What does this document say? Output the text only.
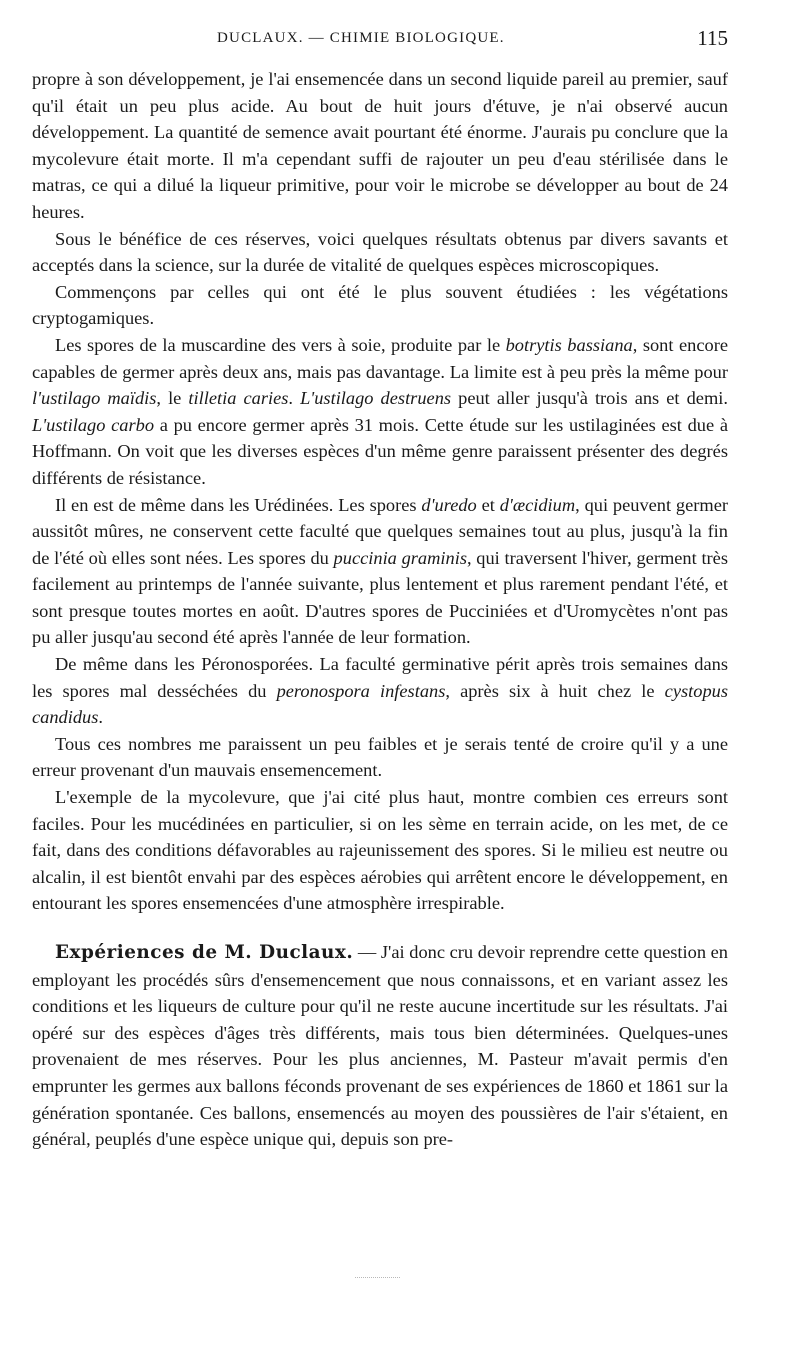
DUCLAUX. — CHIMIE BIOLOGIQUE.	115

propre à son développement, je l'ai ensemencée dans un second liquide pareil au premier, sauf qu'il était un peu plus acide. Au bout de huit jours d'étuve, je n'ai observé aucun développement. La quantité de semence avait pourtant été énorme. J'aurais pu conclure que la mycolevure était morte. Il m'a cependant suffi de rajouter un peu d'eau stérilisée dans le matras, ce qui a dilué la liqueur primitive, pour voir le microbe se développer au bout de 24 heures.

Sous le bénéfice de ces réserves, voici quelques résultats obtenus par divers savants et acceptés dans la science, sur la durée de vitalité de quelques espèces microscopiques.

Commençons par celles qui ont été le plus souvent étudiées : les végétations cryptogamiques.

Les spores de la muscardine des vers à soie, produite par le botrytis bassiana, sont encore capables de germer après deux ans, mais pas davantage. La limite est à peu près la même pour l'ustilago maïdis, le tilletia caries. L'ustilago destruens peut aller jusqu'à trois ans et demi. L'ustilago carbo a pu encore germer après 31 mois. Cette étude sur les ustilaginées est due à Hoffmann. On voit que les diverses espèces d'un même genre paraissent présenter des degrés différents de résistance.

Il en est de même dans les Urédinées. Les spores d'uredo et d'æcidium, qui peuvent germer aussitôt mûres, ne conservent cette faculté que quelques semaines tout au plus, jusqu'à la fin de l'été où elles sont nées. Les spores du puccinia graminis, qui traversent l'hiver, germent très facilement au printemps de l'année suivante, plus lentement et plus rarement pendant l'été, et sont presque toutes mortes en août. D'autres spores de Pucciniées et d'Uromycètes n'ont pas pu aller jusqu'au second été après l'année de leur formation.

De même dans les Péronosporées. La faculté germinative périt après trois semaines dans les spores mal desséchées du peronospora infestans, après six à huit chez le cystopus candidus.

Tous ces nombres me paraissent un peu faibles et je serais tenté de croire qu'il y a une erreur provenant d'un mauvais ensemencement.

L'exemple de la mycolevure, que j'ai cité plus haut, montre combien ces erreurs sont faciles. Pour les mucédinées en particulier, si on les sème en terrain acide, on les met, de ce fait, dans des conditions défavorables au rajeunissement des spores. Si le milieu est neutre ou alcalin, il est bientôt envahi par des espèces aérobies qui arrêtent encore le développement, en entourant les spores ensemencées d'une atmosphère irrespirable.

Expériences de M. Duclaux. — J'ai donc cru devoir reprendre cette question en employant les procédés sûrs d'ensemencement que nous connaissons, et en variant assez les conditions et les liqueurs de culture pour qu'il ne reste aucune incertitude sur les résultats. J'ai opéré sur des espèces d'âges très différents, mais tous bien déterminées. Quelques-unes provenaient de mes réserves. Pour les plus anciennes, M. Pasteur m'avait permis d'en emprunter les germes aux ballons féconds provenant de ses expériences de 1860 et 1861 sur la génération spontanée. Ces ballons, ensemencés au moyen des poussières de l'air s'étaient, en général, peuplés d'une espèce unique qui, depuis son pre-
